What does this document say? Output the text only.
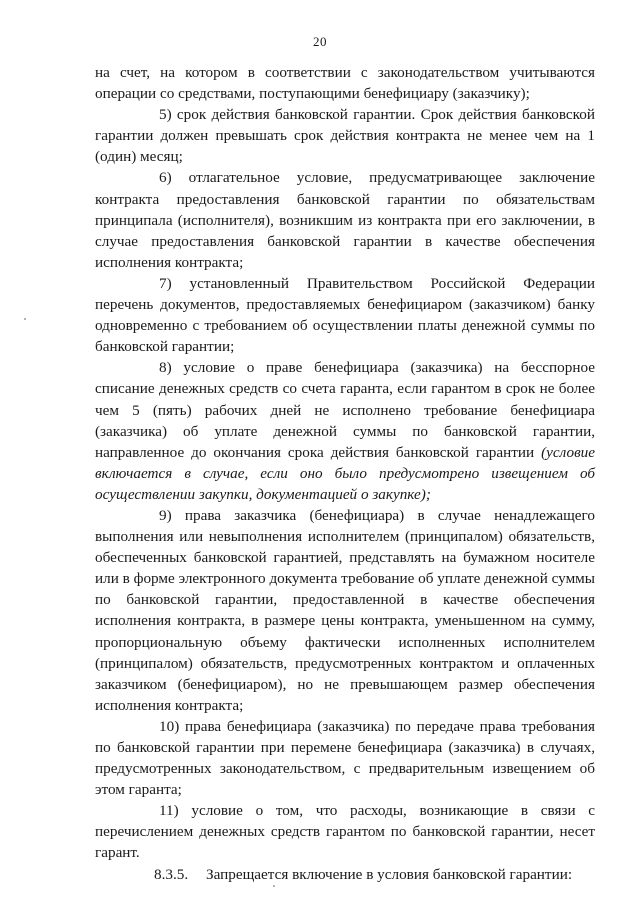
20

на счет, на котором в соответствии с законодательством учитываются операции со средствами, поступающими бенефициару (заказчику);

5) срок действия банковской гарантии. Срок действия банковской гарантии должен превышать срок действия контракта не менее чем на 1 (один) месяц;

6) отлагательное условие, предусматривающее заключение контракта предоставления банковской гарантии по обязательствам принципала (исполнителя), возникшим из контракта при его заключении, в случае предоставления банковской гарантии в качестве обеспечения исполнения контракта;

7) установленный Правительством Российской Федерации перечень документов, предоставляемых бенефициаром (заказчиком) банку одновременно с требованием об осуществлении платы денежной суммы по банковской гарантии;

8) условие о праве бенефициара (заказчика) на бесспорное списание денежных средств со счета гаранта, если гарантом в срок не более чем 5 (пять) рабочих дней не исполнено требование бенефициара (заказчика) об уплате денежной суммы по банковской гарантии, направленное до окончания срока действия банковской гарантии (условие включается в случае, если оно было предусмотрено извещением об осуществлении закупки, документацией о закупке);

9) права заказчика (бенефициара) в случае ненадлежащего выполнения или невыполнения исполнителем (принципалом) обязательств, обеспеченных банковской гарантией, представлять на бумажном носителе или в форме электронного документа требование об уплате денежной суммы по банковской гарантии, предоставленной в качестве обеспечения исполнения контракта, в размере цены контракта, уменьшенном на сумму, пропорциональную объему фактически исполненных исполнителем (принципалом) обязательств, предусмотренных контрактом и оплаченных заказчиком (бенефициаром), но не превышающем размер обеспечения исполнения контракта;

10) права бенефициара (заказчика) по передаче права требования по банковской гарантии при перемене бенефициара (заказчика) в случаях, предусмотренных законодательством, с предварительным извещением об этом гаранта;

11) условие о том, что расходы, возникающие в связи с перечислением денежных средств гарантом по банковской гарантии, несет гарант.

8.3.5. Запрещается включение в условия банковской гарантии:
